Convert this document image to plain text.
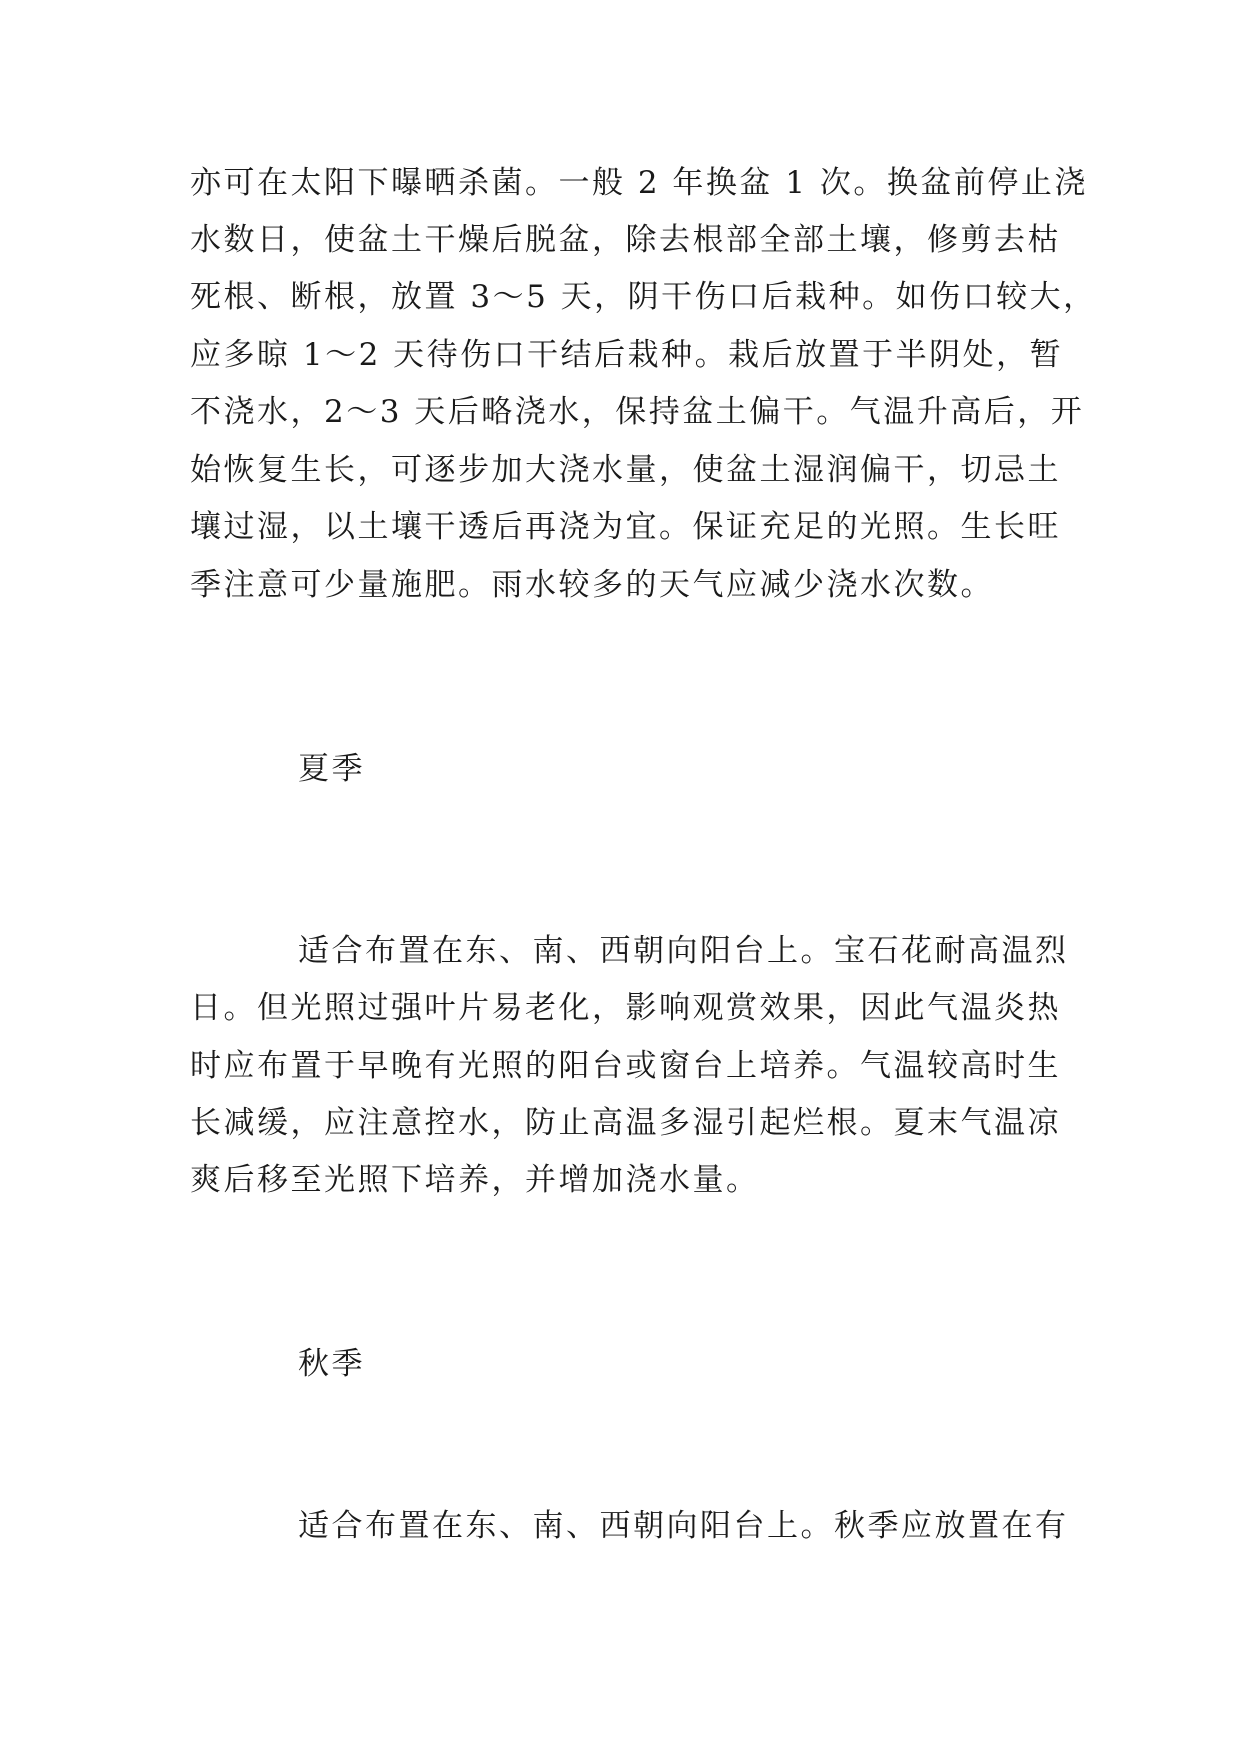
亦可在太阳下曝晒杀菌。一般 2 年换盆 1 次。换盆前停止浇
水数日，使盆土干燥后脱盆，除去根部全部土壤，修剪去枯
死根、断根，放置 3～5 天，阴干伤口后栽种。如伤口较大，
应多晾 1～2 天待伤口干结后栽种。栽后放置于半阴处，暂
不浇水，2～3 天后略浇水，保持盆土偏干。气温升高后，开
始恢复生长，可逐步加大浇水量，使盆土湿润偏干，切忌土
壤过湿，以土壤干透后再浇为宜。保证充足的光照。生长旺
季注意可少量施肥。雨水较多的天气应减少浇水次数。
夏季
适合布置在东、南、西朝向阳台上。宝石花耐高温烈
日。但光照过强叶片易老化，影响观赏效果，因此气温炎热
时应布置于早晚有光照的阳台或窗台上培养。气温较高时生
长减缓，应注意控水，防止高温多湿引起烂根。夏末气温凉
爽后移至光照下培养，并增加浇水量。
秋季
适合布置在东、南、西朝向阳台上。秋季应放置在有
